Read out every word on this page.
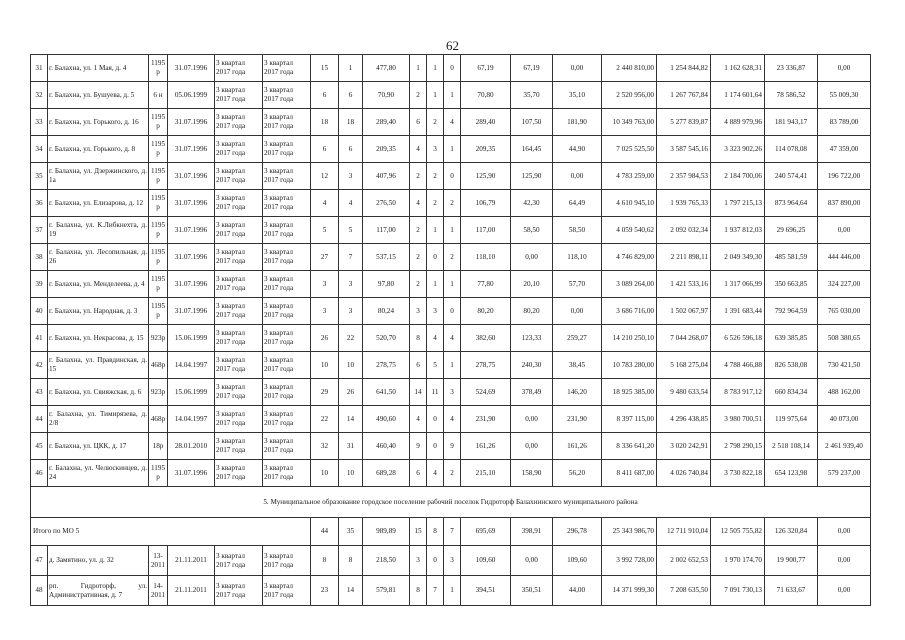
62
31	г. Балахна, ул. 1 Мая, д. 4	1195 р	31.07.1996	3 квартал 2017 года	3 квартал 2017 года	15	1	477,80	1	1	0	67,19	67,19	0,00	2 440 810,00	1 254 844,82	1 162 628,31	23 336,87	0,00
32	г. Балахна, ул. Бушуева, д. 5	6 н	05.06.1999	3 квартал 2017 года	3 квартал 2017 года	6	6	70,90	2	1	1	70,80	35,70	35,10	2 520 956,00	1 267 767,84	1 174 601,64	78 586,52	55 009,30
33	г. Балахна, ул. Горького, д. 16	1195 р	31.07.1996	3 квартал 2017 года	3 квартал 2017 года	18	18	289,40	6	2	4	289,40	107,50	181,90	10 349 763,00	5 277 839,87	4 889 979,96	181 943,17	83 789,00
34	г. Балахна, ул. Горького, д. 8	1195 р	31.07.1996	3 квартал 2017 года	3 квартал 2017 года	6	6	209,35	4	3	1	209,35	164,45	44,90	7 025 525,50	3 587 545,16	3 323 902,26	114 078,08	47 359,00
35	г. Балахна, ул. Дзержинского, д. 1а	1195 р	31.07.1996	3 квартал 2017 года	3 квартал 2017 года	12	3	407,96	2	2	0	125,90	125,90	0,00	4 783 259,00	2 357 984,53	2 184 700,06	240 574,41	196 722,00
36	г. Балахна, ул. Елизарова, д. 12	1195 р	31.07.1996	3 квартал 2017 года	3 квартал 2017 года	4	4	276,50	4	2	2	106,79	42,30	64,49	4 610 945,10	1 939 765,33	1 797 215,13	873 964,64	837 890,00
37	г. Балахна, ул. К.Либкнехта, д. 19	1195 р	31.07.1996	3 квартал 2017 года	3 квартал 2017 года	5	5	117,00	2	1	1	117,00	58,50	58,50	4 059 540,62	2 092 032,34	1 937 812,03	29 696,25	0,00
38	г. Балахна, ул. Лесопильная, д. 26	1195 р	31.07.1996	3 квартал 2017 года	3 квартал 2017 года	27	7	537,15	2	0	2	118,10	0,00	118,10	4 746 829,00	2 211 898,11	2 049 349,30	485 581,59	444 446,00
39	г. Балахна, ул. Менделеева, д. 4	1195 р	31.07.1996	3 квартал 2017 года	3 квартал 2017 года	3	3	97,80	2	1	1	77,80	20,10	57,70	3 089 264,00	1 421 533,16	1 317 066,99	350 663,85	324 227,00
40	г. Балахна, ул. Народная, д. 3	1195 р	31.07.1996	3 квартал 2017 года	3 квартал 2017 года	3	3	80,24	3	3	0	80,20	80,20	0,00	3 686 716,00	1 502 067,97	1 391 683,44	792 964,59	765 030,00
41	г. Балахна, ул. Некрасова, д. 15	923р	15.06.1999	3 квартал 2017 года	3 квартал 2017 года	26	22	520,70	8	4	4	382,60	123,33	259,27	14 210 250,10	7 044 268,07	6 526 596,18	639 385,85	508 380,65
42	г. Балахна, ул. Правдинская, д. 15	468р	14.04.1997	3 квартал 2017 года	3 квартал 2017 года	10	10	278,75	6	5	1	278,75	240,30	38,45	10 783 280,00	5 168 275,04	4 788 466,88	826 538,08	730 421,50
43	г. Балахна, ул. Свияжская, д. 6	923р	15.06.1999	3 квартал 2017 года	3 квартал 2017 года	29	26	641,50	14	11	3	524,69	378,49	146,20	18 925 385,00	9 480 633,54	8 783 917,12	660 834,34	488 162,00
44	г. Балахна, ул. Тимирязева, д. 2/8	468р	14.04.1997	3 квартал 2017 года	3 квартал 2017 года	22	14	490,60	4	0	4	231,90	0,00	231,90	8 397 115,00	4 296 438,85	3 980 700,51	119 975,64	40 073,00
45	г. Балахна, ул. ЦКК, д. 17	18р	28.01.2010	3 квартал 2017 года	3 квартал 2017 года	32	31	460,40	9	0	9	161,26	0,00	161,26	8 336 641,20	3 020 242,91	2 798 290,15	2 518 108,14	2 461 939,40
46	г. Балахна, ул. Челюскинцев, д. 24	1195 р	31.07.1996	3 квартал 2017 года	3 квартал 2017 года	10	10	689,28	6	4	2	215,10	158,90	56,20	8 411 687,00	4 026 740,84	3 730 822,18	654 123,98	579 237,00
5. Муниципальное образование городское поселение рабочий поселок Гидроторф Балахнинского муниципального района																			
Итого по МО 5						44	35	989,89	15	8	7	695,69	398,91	296,78	25 343 986,70	12 711 910,04	12 505 755,82	126 320,84	0,00
47	д. Замятино, ул. д. 32	13-2011	21.11.2011	3 квартал 2017 года	3 квартал 2017 года	8	8	218,50	3	0	3	109,60	0,00	109,60	3 992 728,00	2 002 652,53	1 970 174,70	19 900,77	0,00
48	рп. Гидроторф, ул. Административная, д. 7	14-2011	21.11.2011	3 квартал 2017 года	3 квартал 2017 года	23	14	579,81	8	7	1	394,51	350,51	44,00	14 371 999,30	7 208 635,50	7 091 730,13	71 633,67	0,00
